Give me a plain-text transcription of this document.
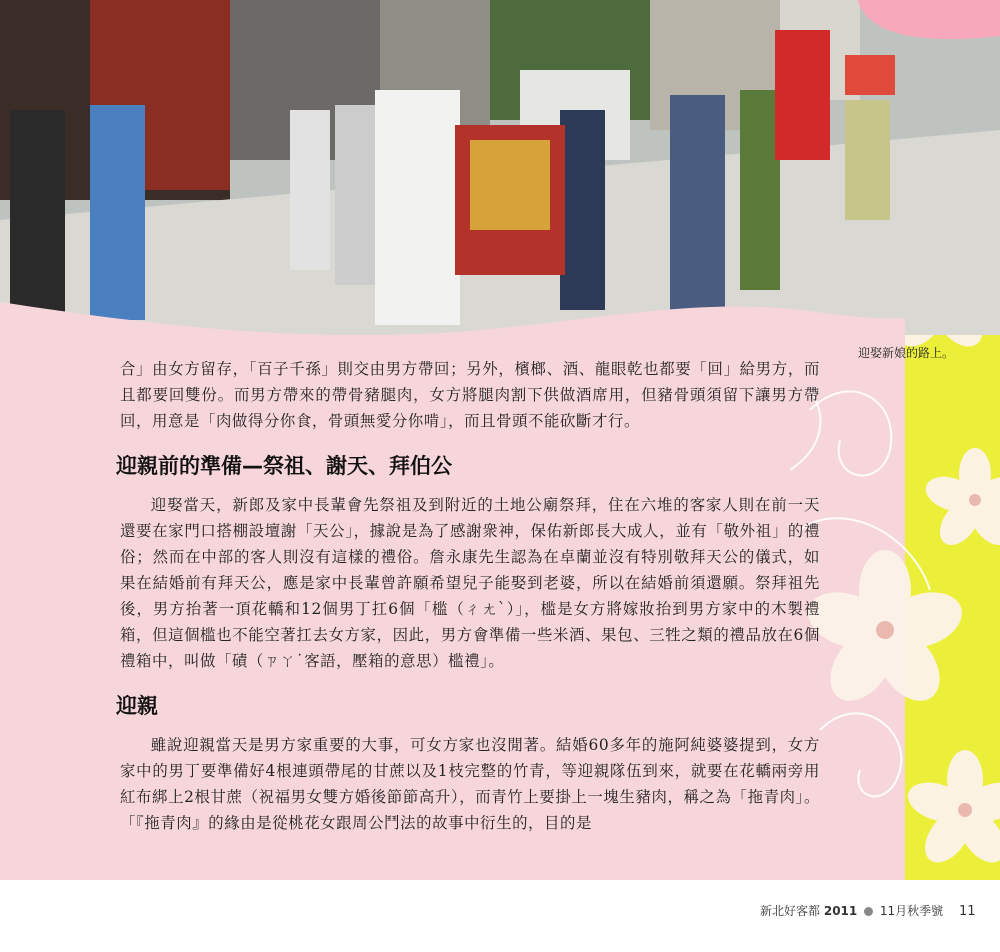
迎娶新娘的路上。

合」由女方留存，「百子千孫」則交由男方帶回；另外，檳榔、酒、龍眼乾也都要「回」給男方，而且都要回雙份。而男方帶來的帶骨豬腿肉，女方將腿肉割下供做酒席用，但豬骨頭須留下讓男方帶回，用意是「肉做得分你食，骨頭無愛分你啃」，而且骨頭不能砍斷才行。

迎親前的準備—祭祖、謝天、拜伯公

迎娶當天，新郎及家中長輩會先祭祖及到附近的土地公廟祭拜，住在六堆的客家人則在前一天還要在家門口搭棚設壇謝「天公」，據說是為了感謝衆神，保佑新郎長大成人，並有「敬外祖」的禮俗；然而在中部的客人則沒有這樣的禮俗。詹永康先生認為在卓蘭並沒有特別敬拜天公的儀式，如果在結婚前有拜天公，應是家中長輩曾許願希望兒子能娶到老婆，所以在結婚前須還願。祭拜祖先後，男方抬著一頂花轎和12個男丁扛6個「槛（ㄔㄤˋ）」，槛是女方將嫁妝抬到男方家中的木製禮箱，但這個槛也不能空著扛去女方家，因此，男方會準備一些米酒、果包、三牲之類的禮品放在6個禮箱中，叫做「磧（ㄗㄚ˙客語，壓箱的意思）槛禮」。

迎親

雖說迎親當天是男方家重要的大事，可女方家也沒閒著。結婚60多年的施阿純婆婆提到，女方家中的男丁要準備好4根連頭帶尾的甘蔗以及1枝完整的竹青，等迎親隊伍到來，就要在花轎兩旁用紅布綁上2根甘蔗（祝福男女雙方婚後節節高升），而青竹上要掛上一塊生豬肉，稱之為「拖青肉」。「『拖青肉』的緣由是從桃花女跟周公鬥法的故事中衍生的，目的是

新北好客都 2011 11月秋季號 11
